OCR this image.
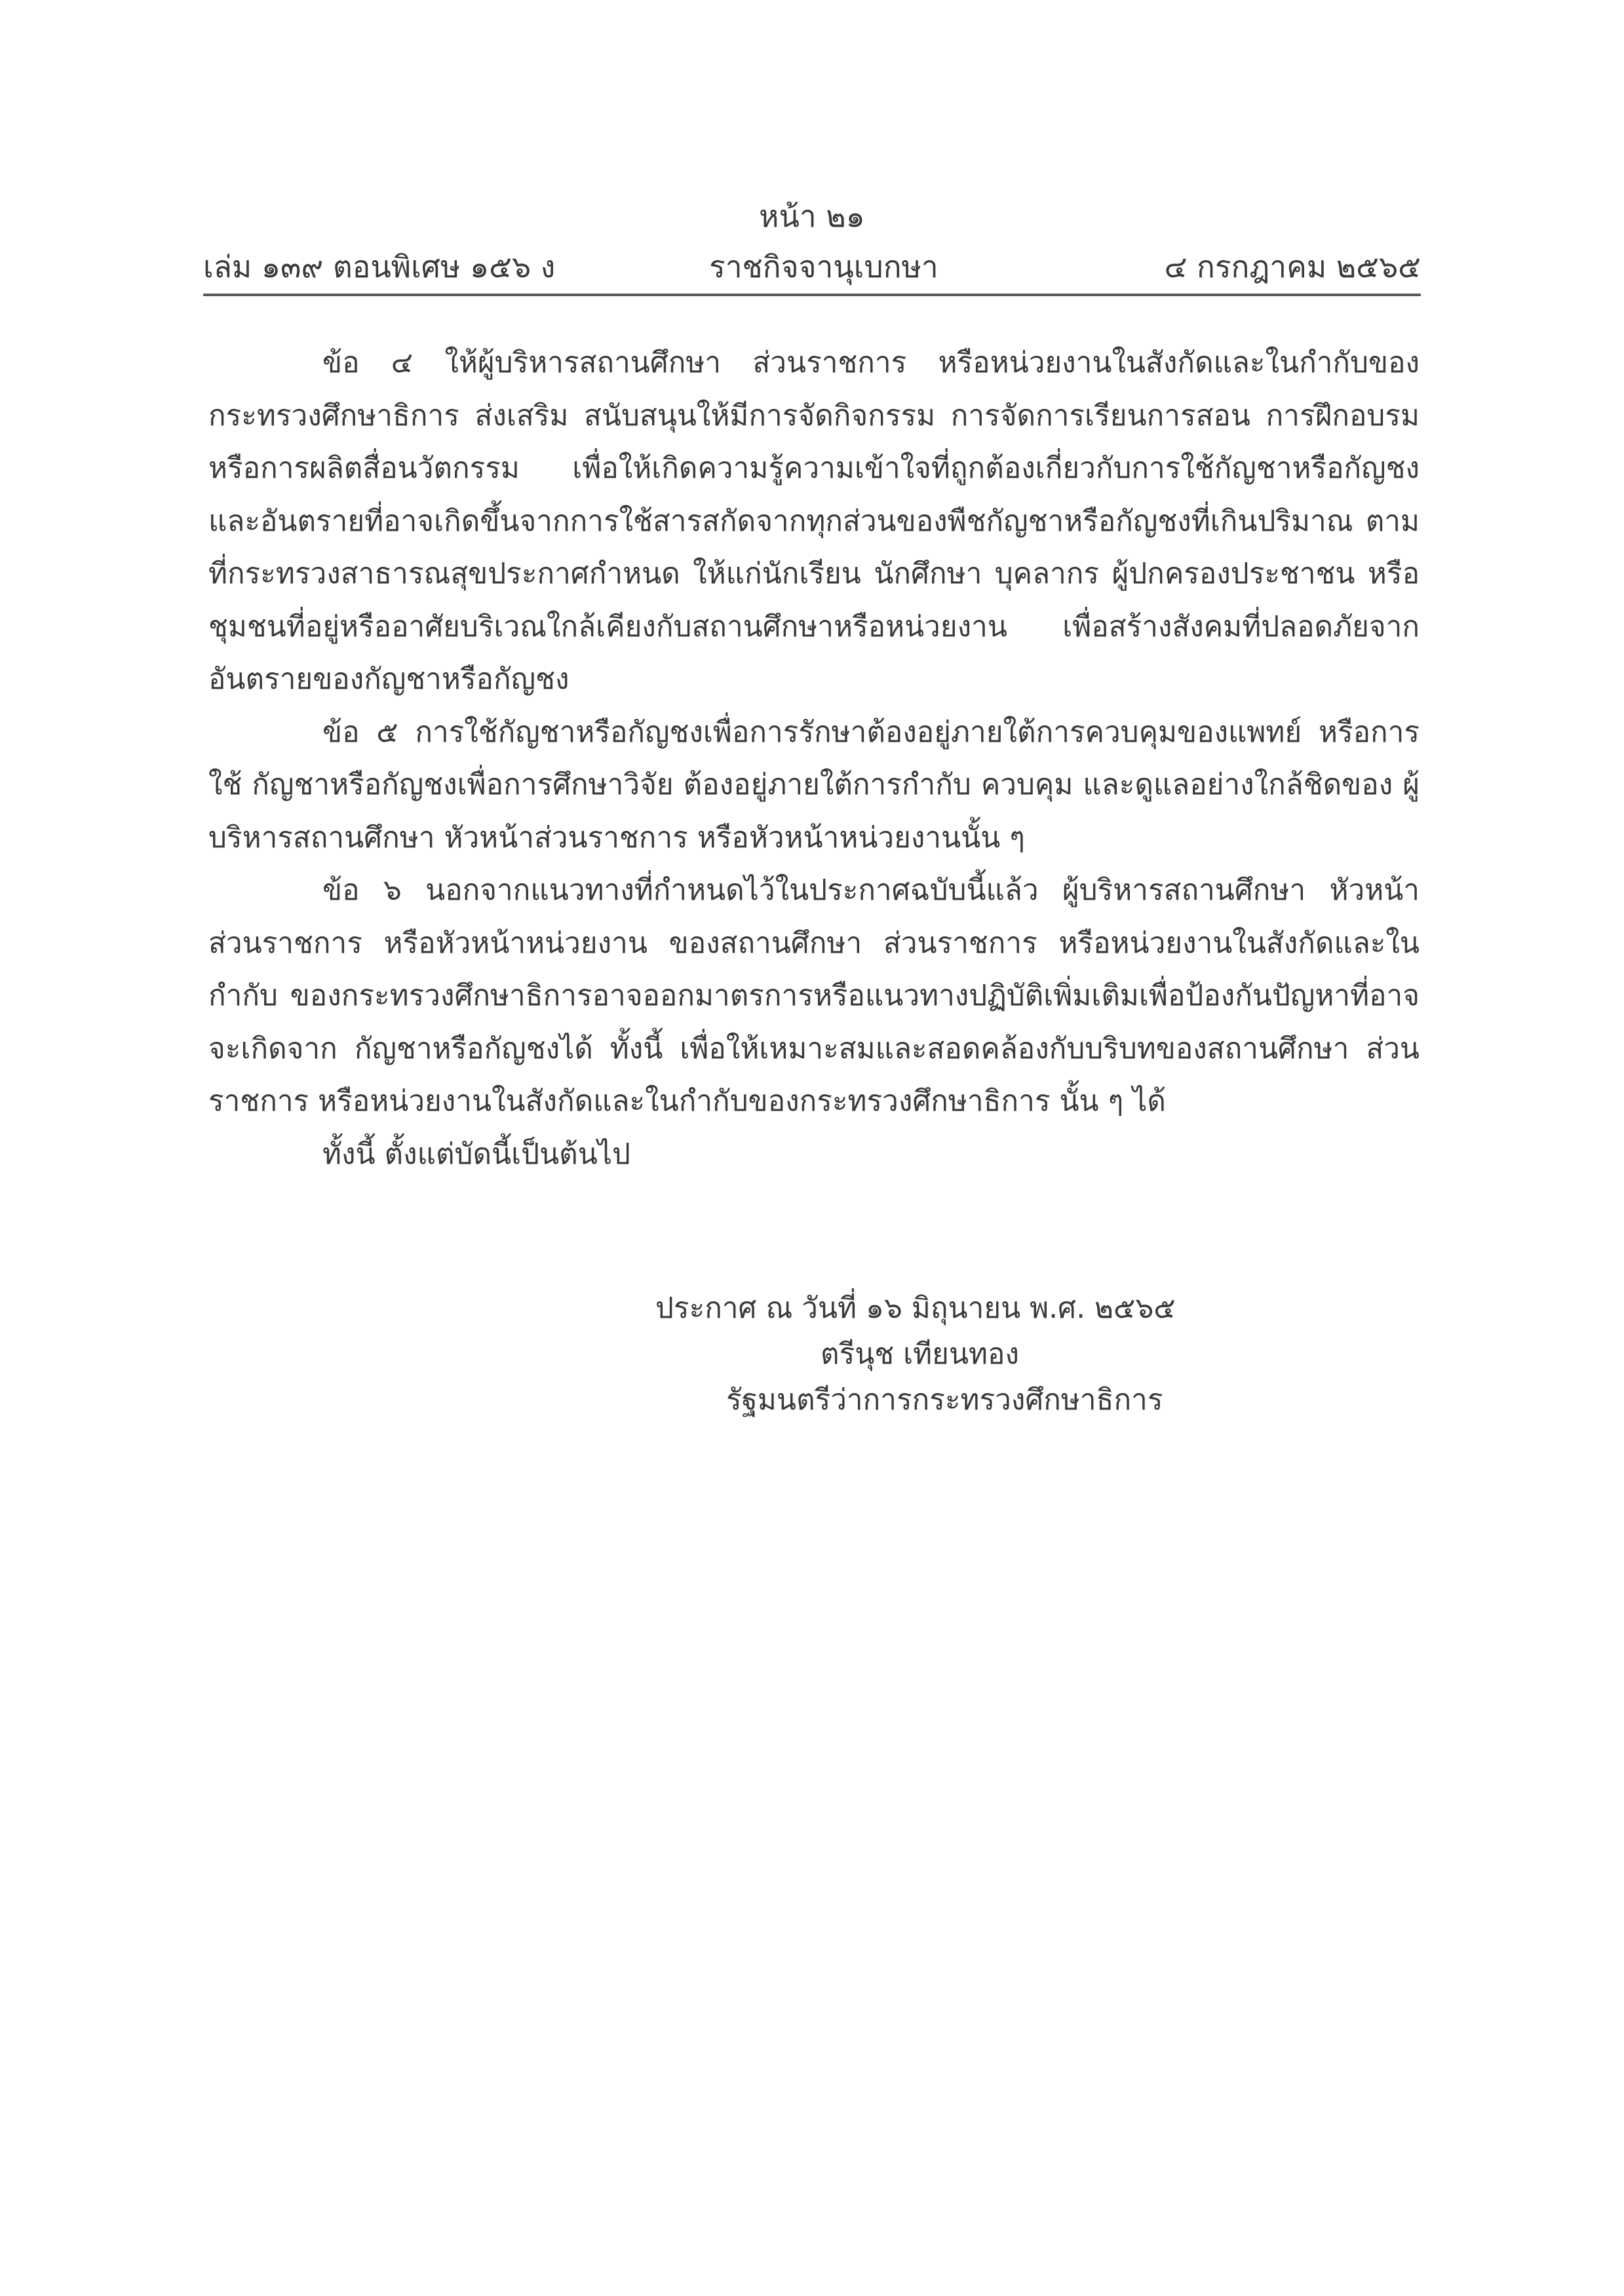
หน้า ๒๑
เล่ม ๑๓๙ ตอนพิเศษ ๑๕๖ ง	ราชกิจจานุเบกษา	๔ กรกฎาคม ๒๕๖๕

ข้อ ๔ ให้ผู้บริหารสถานศึกษา ส่วนราชการ หรือหน่วยงานในสังกัดและในกำกับของกระทรวงศึกษาธิการ ส่งเสริม สนับสนุนให้มีการจัดกิจกรรม การจัดการเรียนการสอน การฝึกอบรม หรือการผลิตสื่อนวัตกรรม เพื่อให้เกิดความรู้ความเข้าใจที่ถูกต้องเกี่ยวกับการใช้กัญชาหรือกัญชง และอันตรายที่อาจเกิดขึ้นจากการใช้สารสกัดจากทุกส่วนของพืชกัญชาหรือกัญชงที่เกินปริมาณ ตามที่กระทรวงสาธารณสุขประกาศกำหนด ให้แก่นักเรียน นักศึกษา บุคลากร ผู้ปกครองประชาชน หรือชุมชนที่อยู่หรืออาศัยบริเวณใกล้เคียงกับสถานศึกษาหรือหน่วยงาน เพื่อสร้างสังคมที่ปลอดภัยจาก อันตรายของกัญชาหรือกัญชง

ข้อ ๕ การใช้กัญชาหรือกัญชงเพื่อการรักษาต้องอยู่ภายใต้การควบคุมของแพทย์ หรือการใช้ กัญชาหรือกัญชงเพื่อการศึกษาวิจัย ต้องอยู่ภายใต้การกำกับ ควบคุม และดูแลอย่างใกล้ชิดของ ผู้บริหารสถานศึกษา หัวหน้าส่วนราชการ หรือหัวหน้าหน่วยงานนั้น ๆ

ข้อ ๖ นอกจากแนวทางที่กำหนดไว้ในประกาศฉบับนี้แล้ว ผู้บริหารสถานศึกษา หัวหน้า ส่วนราชการ หรือหัวหน้าหน่วยงาน ของสถานศึกษา ส่วนราชการ หรือหน่วยงานในสังกัดและในกำกับ ของกระทรวงศึกษาธิการอาจออกมาตรการหรือแนวทางปฏิบัติเพิ่มเติมเพื่อป้องกันปัญหาที่อาจจะเกิดจาก กัญชาหรือกัญชงได้ ทั้งนี้ เพื่อให้เหมาะสมและสอดคล้องกับบริบทของสถานศึกษา ส่วนราชการ หรือหน่วยงานในสังกัดและในกำกับของกระทรวงศึกษาธิการ นั้น ๆ ได้

ทั้งนี้ ตั้งแต่บัดนี้เป็นต้นไป

ประกาศ ณ วันที่ ๑๖ มิถุนายน พ.ศ. ๒๕๖๕
ตรีนุช เทียนทอง
รัฐมนตรีว่าการกระทรวงศึกษาธิการ
